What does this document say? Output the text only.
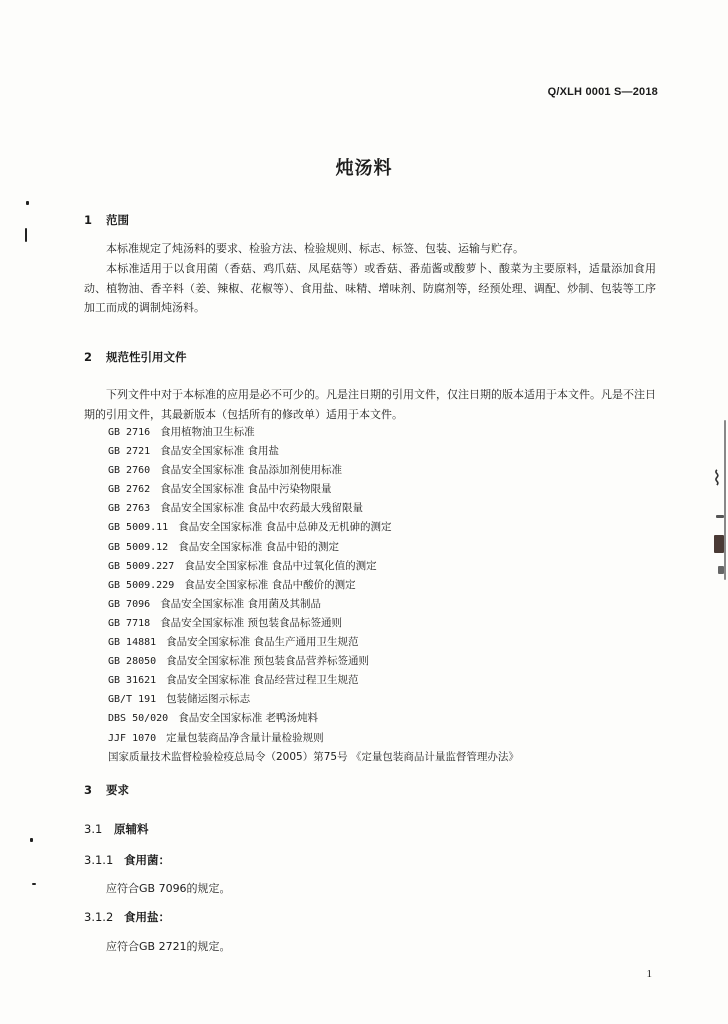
Q/XLH 0001 S—2018
炖汤料
1 范围
本标准规定了炖汤料的要求、检验方法、检验规则、标志、标签、包装、运输与贮存。
本标准适用于以食用菌（香菇、鸡爪菇、凤尾菇等）或香菇、番茄酱或酸萝卜、酸菜为主要原料，适量添加食用动、植物油、香辛料（姜、辣椒、花椒等）、食用盐、味精、增味剂、防腐剂等，经预处理、调配、炒制、包装等工序加工而成的调制炖汤料。
2 规范性引用文件
下列文件中对于本标准的应用是必不可少的。凡是注日期的引用文件，仅注日期的版本适用于本文件。凡是不注日期的引用文件，其最新版本（包括所有的修改单）适用于本文件。
GB 2716 食用植物油卫生标准
GB 2721 食品安全国家标准 食用盐
GB 2760 食品安全国家标准 食品添加剂使用标准
GB 2762 食品安全国家标准 食品中污染物限量
GB 2763 食品安全国家标准 食品中农药最大残留限量
GB 5009.11 食品安全国家标准 食品中总砷及无机砷的测定
GB 5009.12 食品安全国家标准 食品中铅的测定
GB 5009.227 食品安全国家标准 食品中过氧化值的测定
GB 5009.229 食品安全国家标准 食品中酸价的测定
GB 7096 食品安全国家标准 食用菌及其制品
GB 7718 食品安全国家标准 预包装食品标签通则
GB 14881 食品安全国家标准 食品生产通用卫生规范
GB 28050 食品安全国家标准 预包装食品营养标签通则
GB 31621 食品安全国家标准 食品经营过程卫生规范
GB/T 191 包装储运图示标志
DBS 50/020 食品安全国家标准 老鸭汤炖料
JJF 1070 定量包装商品净含量计量检验规则
国家质量技术监督检验检疫总局令（2005）第75号 《定量包装商品计量监督管理办法》
3 要求
3.1 原辅料
3.1.1 食用菌：
应符合GB 7096的规定。
3.1.2 食用盐：
应符合GB 2721的规定。
1
⌇
